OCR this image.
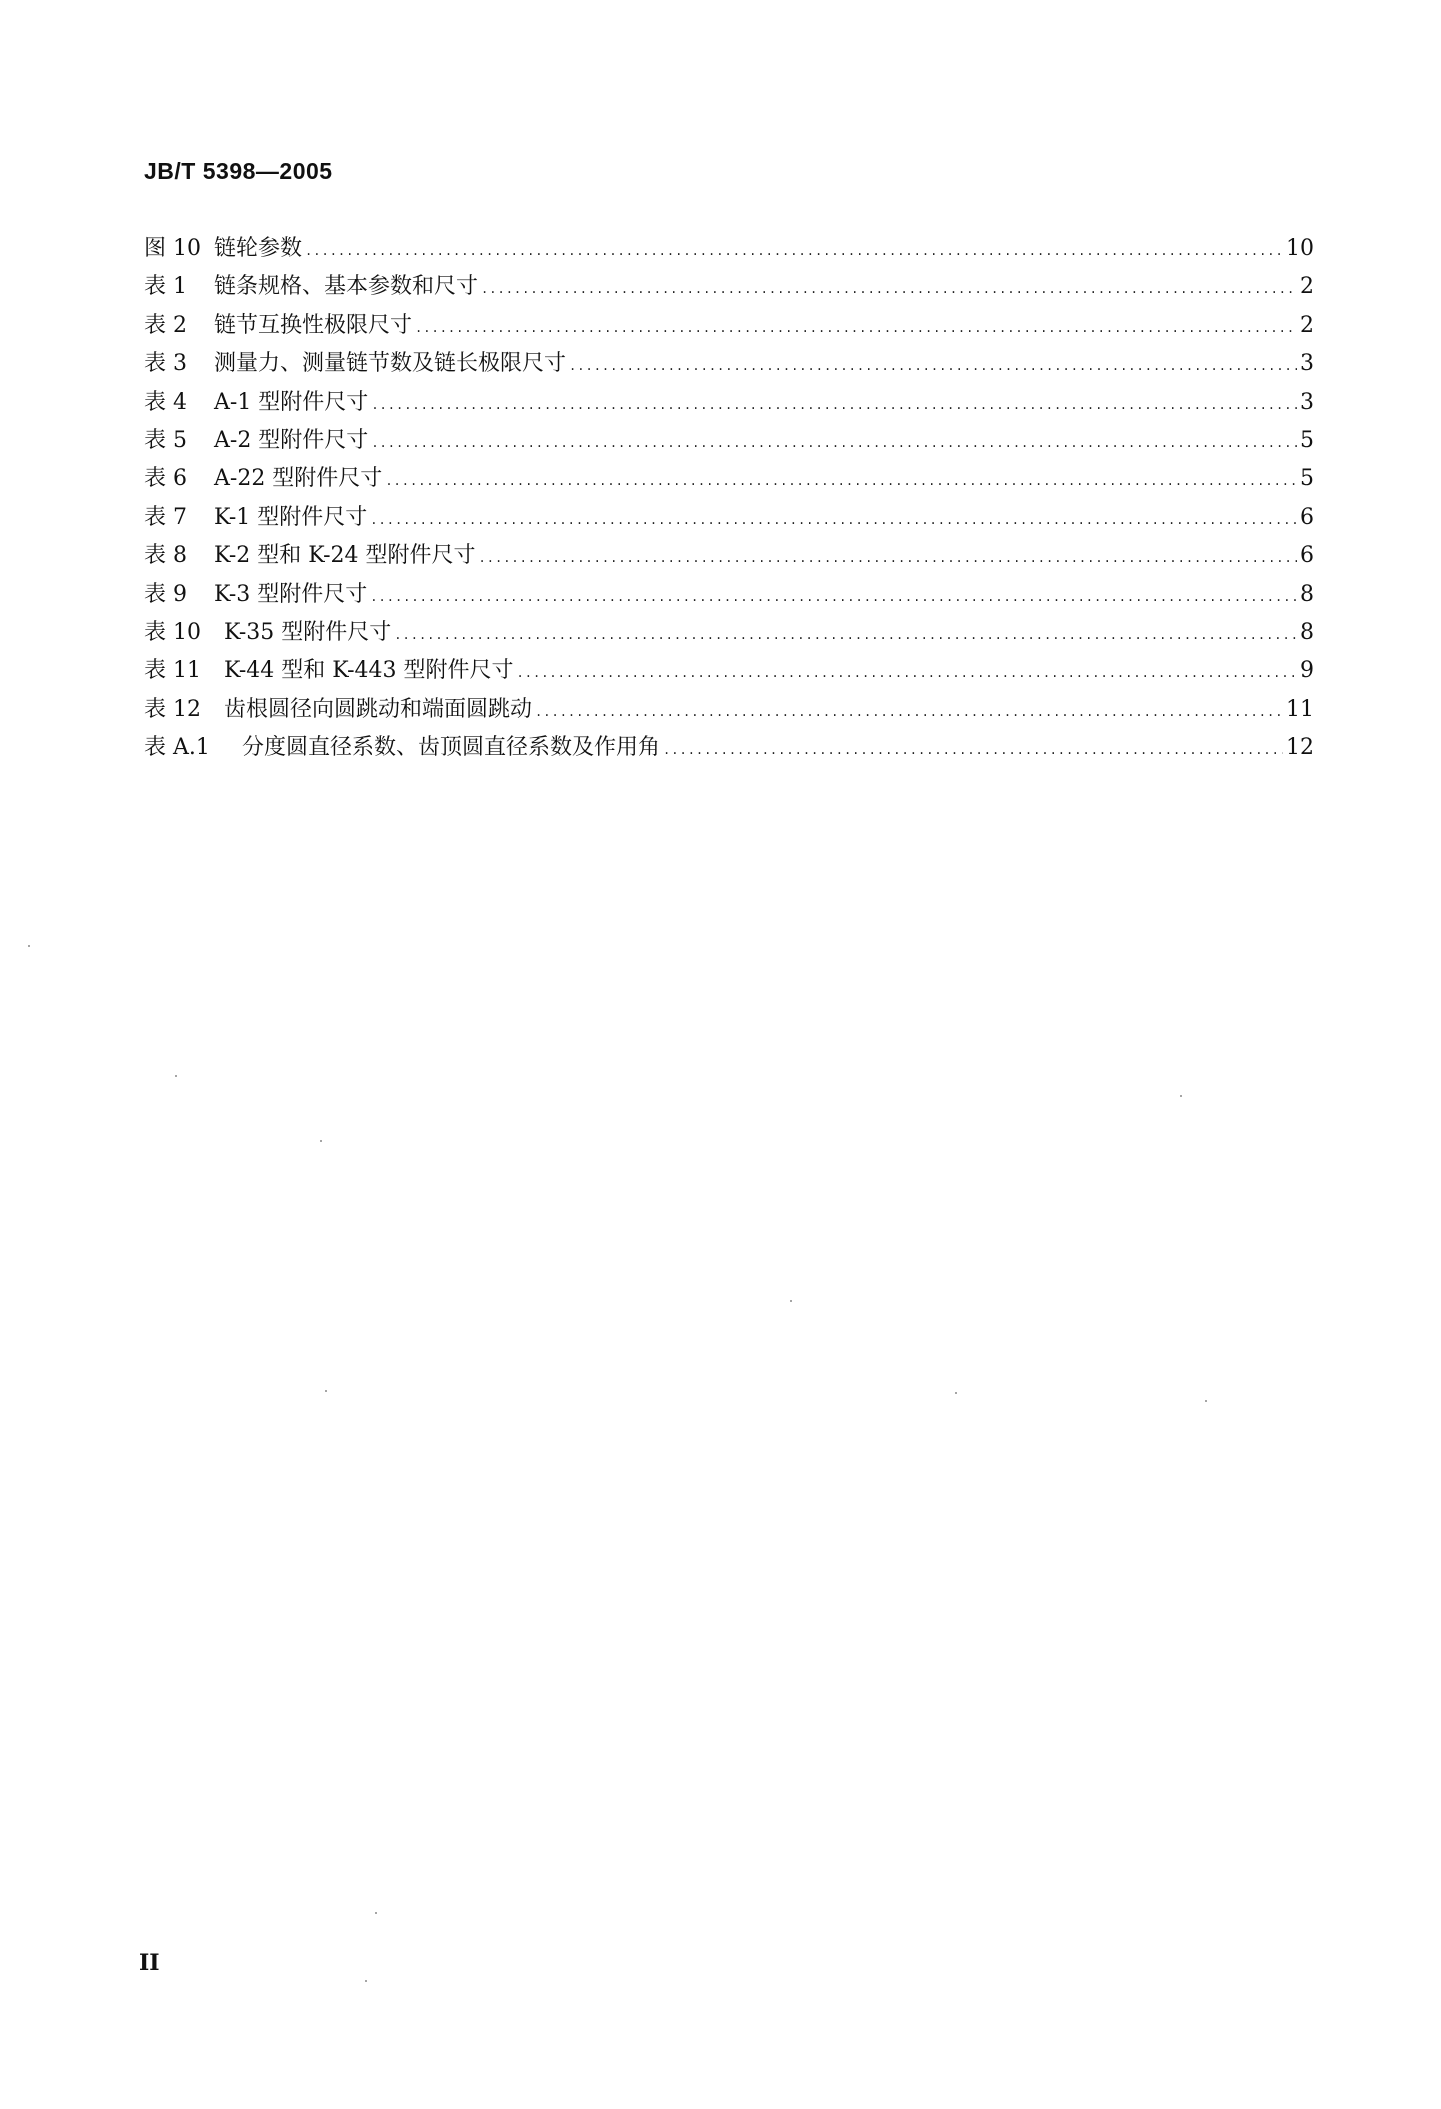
JB/T 5398—2005
图 10 链轮参数 .....	10
表 1	链条规格、基本参数和尺寸 .....	2
表 2	链节互换性极限尺寸 .....	2
表 3	测量力、测量链节数及链长极限尺寸 .....	3
表 4	A-1 型附件尺寸 .....	3
表 5	A-2 型附件尺寸 .....	5
表 6	A-22 型附件尺寸 .....	5
表 7	K-1 型附件尺寸 .....	6
表 8	K-2 型和 K-24 型附件尺寸 .....	6
表 9	K-3 型附件尺寸 .....	8
表 10	K-35 型附件尺寸 .....	8
表 11	K-44 型和 K-443 型附件尺寸 .....	9
表 12	齿根圆径向圆跳动和端面圆跳动 .....	11
表 A.1	分度圆直径系数、齿顶圆直径系数及作用角 .....	12
II
